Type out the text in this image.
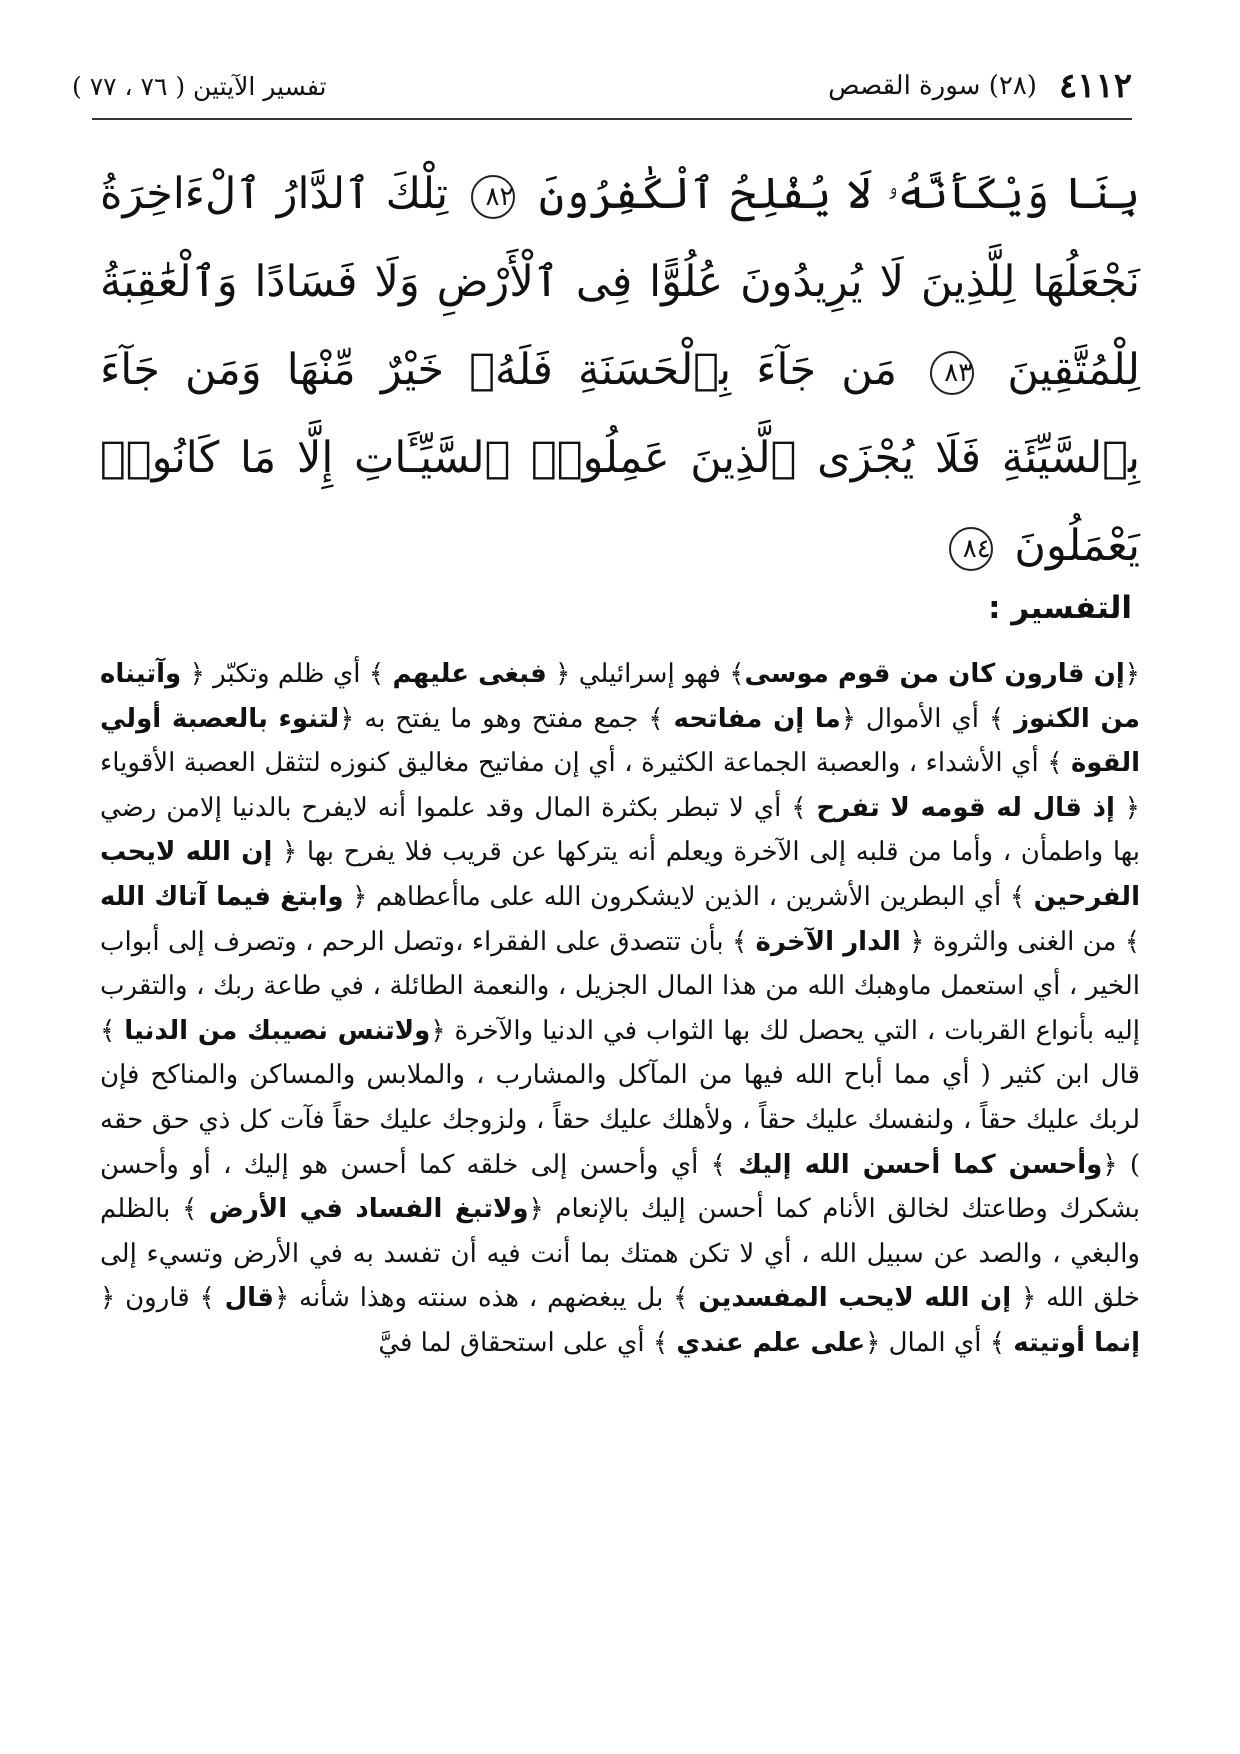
٤١١٢
(٢٨) سورة القصص
تفسير الآيتين ( ٧٦ ، ٧٧ )
بِنَا وَيْكَأَنَّهُۥ لَا يُفْلِحُ ٱلْكَٰفِرُونَ ٨٢ تِلْكَ ٱلدَّارُ ٱلْءَاخِرَةُ نَجْعَلُهَا لِلَّذِينَ لَا يُرِيدُونَ عُلُوًّا فِى ٱلْأَرْضِ وَلَا فَسَادًا وَٱلْعَٰقِبَةُ لِلْمُتَّقِينَ ٨٣ مَن جَآءَ بِٱلْحَسَنَةِ فَلَهُۥ خَيْرٌ مِّنْهَا وَمَن جَآءَ بِٱلسَّيِّئَةِ فَلَا يُجْزَى ٱلَّذِينَ عَمِلُوا۟ ٱلسَّيِّـَٔاتِ إِلَّا مَا كَانُوا۟ يَعْمَلُونَ ٨٤
التفسير :
﴿إن قارون كان من قوم موسى﴾ فهو إسرائيلي ﴿ فبغى عليهم ﴾ أي ظلم وتكبّر ﴿ وآتيناه من الكنوز ﴾ أي الأموال ﴿ما إن مفاتحه ﴾ جمع مفتح وهو ما يفتح به ﴿لتنوء بالعصبة أولي القوة ﴾ أي الأشداء ، والعصبة الجماعة الكثيرة ، أي إن مفاتيح مغاليق كنوزه لتثقل العصبة الأقوياء ﴿ إذ قال له قومه لا تفرح ﴾ أي لا تبطر بكثرة المال وقد علموا أنه لايفرح بالدنيا إلامن رضي بها واطمأن ، وأما من قلبه إلى الآخرة ويعلم أنه يتركها عن قريب فلا يفرح بها ﴿ إن الله لايحب الفرحين ﴾ أي البطرين الأشرين ، الذين لايشكرون الله على ماأعطاهم ﴿ وابتغ فيما آتاك الله ﴾ من الغنى والثروة ﴿ الدار الآخرة ﴾ بأن تتصدق على الفقراء ،وتصل الرحم ، وتصرف إلى أبواب الخير ، أي استعمل ماوهبك الله من هذا المال الجزيل ، والنعمة الطائلة ، في طاعة ربك ، والتقرب إليه بأنواع القربات ، التي يحصل لك بها الثواب في الدنيا والآخرة ﴿ولاتنس نصيبك من الدنيا ﴾ قال ابن كثير ( أي مما أباح الله فيها من المآكل والمشارب ، والملابس والمساكن والمناكح فإن لربك عليك حقاً ، ولنفسك عليك حقاً ، ولأهلك عليك حقاً ، ولزوجك عليك حقاً فآت كل ذي حق حقه ) ﴿وأحسن كما أحسن الله إليك ﴾ أي وأحسن إلى خلقه كما أحسن هو إليك ، أو وأحسن بشكرك وطاعتك لخالق الأنام كما أحسن إليك بالإنعام ﴿ولاتبغ الفساد في الأرض ﴾ بالظلم والبغي ، والصد عن سبيل الله ، أي لا تكن همتك بما أنت فيه أن تفسد به في الأرض وتسيء إلى خلق الله ﴿ إن الله لايحب المفسدين ﴾ بل يبغضهم ، هذه سنته وهذا شأنه ﴿قال ﴾ قارون ﴿ إنما أوتيته ﴾ أي المال ﴿على علم عندي ﴾ أي على استحقاق لما فيَّ
